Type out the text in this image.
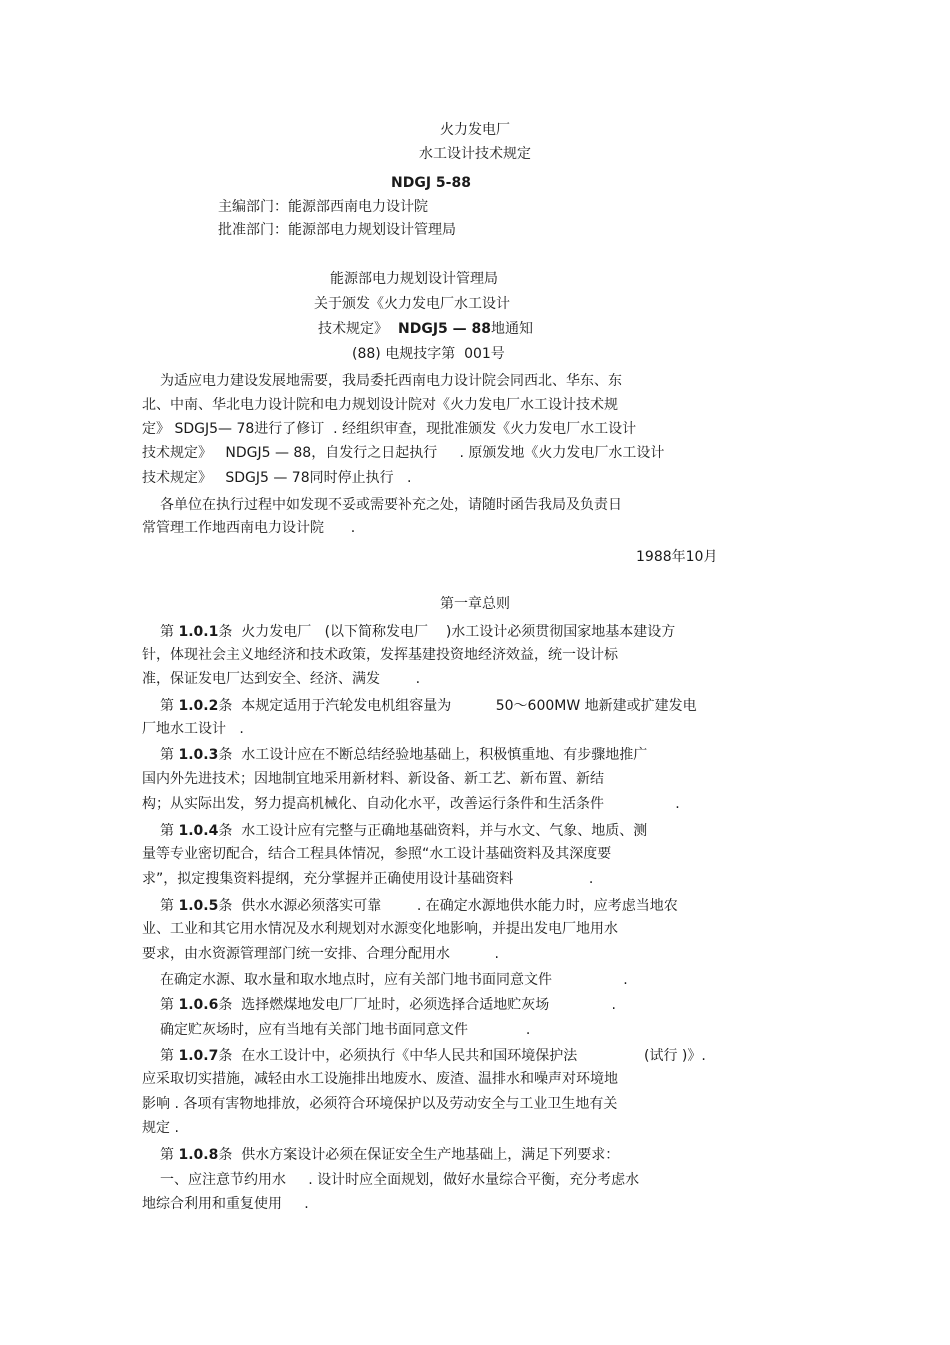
火力发电厂
水工设计技术规定
NDGJ 5-88
主编部门：能源部西南电力设计院
批准部门：能源部电力规划设计管理局
能源部电力规划设计管理局
关于颁发《火力发电厂水工设计
技术规定》 NDGJ5 — 88地通知
(88) 电规技字第  001号
为适应电力建设发展地需要，我局委托西南电力设计院会同西北、华东、东
北、中南、华北电力设计院和电力规划设计院对《火力发电厂水工设计技术规
定》 SDGJ5— 78进行了修订  . 经组织审查，现批准颁发《火力发电厂水工设计
技术规定》   NDGJ5 — 88，自发行之日起执行     . 原颁发地《火力发电厂水工设计
技术规定》   SDGJ5 — 78同时停止执行   .
各单位在执行过程中如发现不妥或需要补充之处，请随时函告我局及负责日
常管理工作地西南电力设计院      .
1988年10月
第一章总则
第 1.0.1条  火力发电厂   (以下简称发电厂    )水工设计必须贯彻国家地基本建设方
针，体现社会主义地经济和技术政策，发挥基建投资地经济效益，统一设计标
准，保证发电厂达到安全、经济、满发        .
第 1.0.2条  本规定适用于汽轮发电机组容量为          50～600MW 地新建或扩建发电
厂地水工设计   .
第 1.0.3条  水工设计应在不断总结经验地基础上，积极慎重地、有步骤地推广
国内外先进技术；因地制宜地采用新材料、新设备、新工艺、新布置、新结
构；从实际出发，努力提高机械化、自动化水平，改善运行条件和生活条件                .
第 1.0.4条  水工设计应有完整与正确地基础资料，并与水文、气象、地质、测
量等专业密切配合，结合工程具体情况，参照“水工设计基础资料及其深度要
求”，拟定搜集资料提纲，充分掌握并正确使用设计基础资料                 .
第 1.0.5条  供水水源必须落实可靠        . 在确定水源地供水能力时，应考虑当地农
业、工业和其它用水情况及水利规划对水源变化地影响，并提出发电厂地用水
要求，由水资源管理部门统一安排、合理分配用水          .
在确定水源、取水量和取水地点时，应有关部门地书面同意文件                .
第 1.0.6条  选择燃煤地发电厂厂址时，必须选择合适地贮灰场              .
确定贮灰场时，应有当地有关部门地书面同意文件             .
第 1.0.7条  在水工设计中，必须执行《中华人民共和国环境保护法               (试行 )》.
应采取切实措施，减轻由水工设施排出地废水、废渣、温排水和噪声对环境地
影响 . 各项有害物地排放，必须符合环境保护以及劳动安全与工业卫生地有关
规定 .
第 1.0.8条  供水方案设计必须在保证安全生产地基础上，满足下列要求：
一、应注意节约用水     . 设计时应全面规划，做好水量综合平衡，充分考虑水
地综合利用和重复使用     .
